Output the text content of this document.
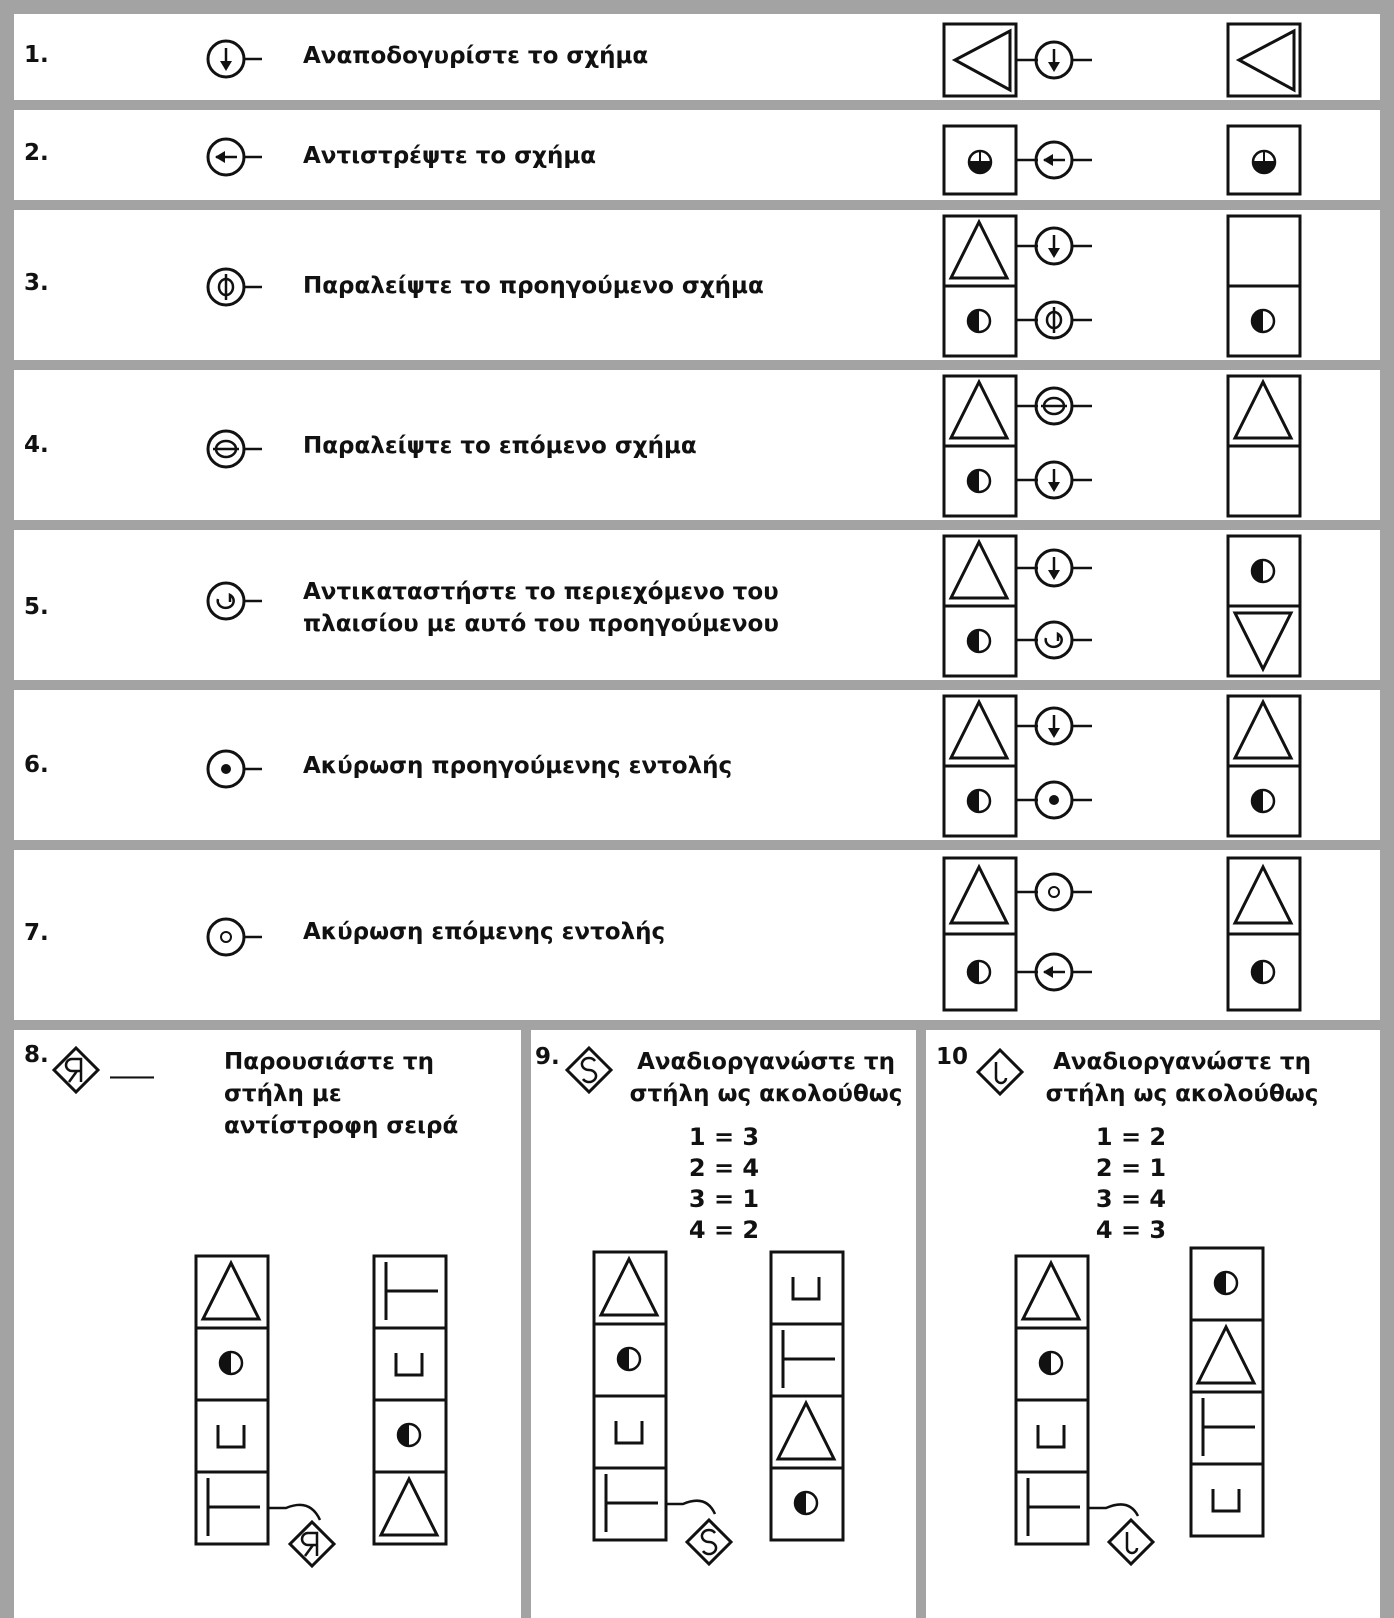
1.	Αναποδογυρίστε το σχήμα
2.	Αντιστρέψτε το σχήμα
3.	Παραλείψτε το προηγούμενο σχήμα
4.	Παραλείψτε το επόμενο σχήμα
5.
Αντικαταστήστε το περιεχόμενο του
πλαισίου με αυτό του προηγούμενου
6.	Ακύρωση προηγούμενης εντολής
7.	Ακύρωση επόμενης εντολής
8.	____	Παρουσιάστε τη
στήλη με
αντίστροφη σειρά
9.	Αναδιοργανώστε τη
στήλη ως ακολούθως
1 = 3
2 = 4
3 = 1
4 = 2
10	Αναδιοργανώστε τη
στήλη ως ακολούθως
1 = 2
2 = 1
3 = 4
4 = 3
